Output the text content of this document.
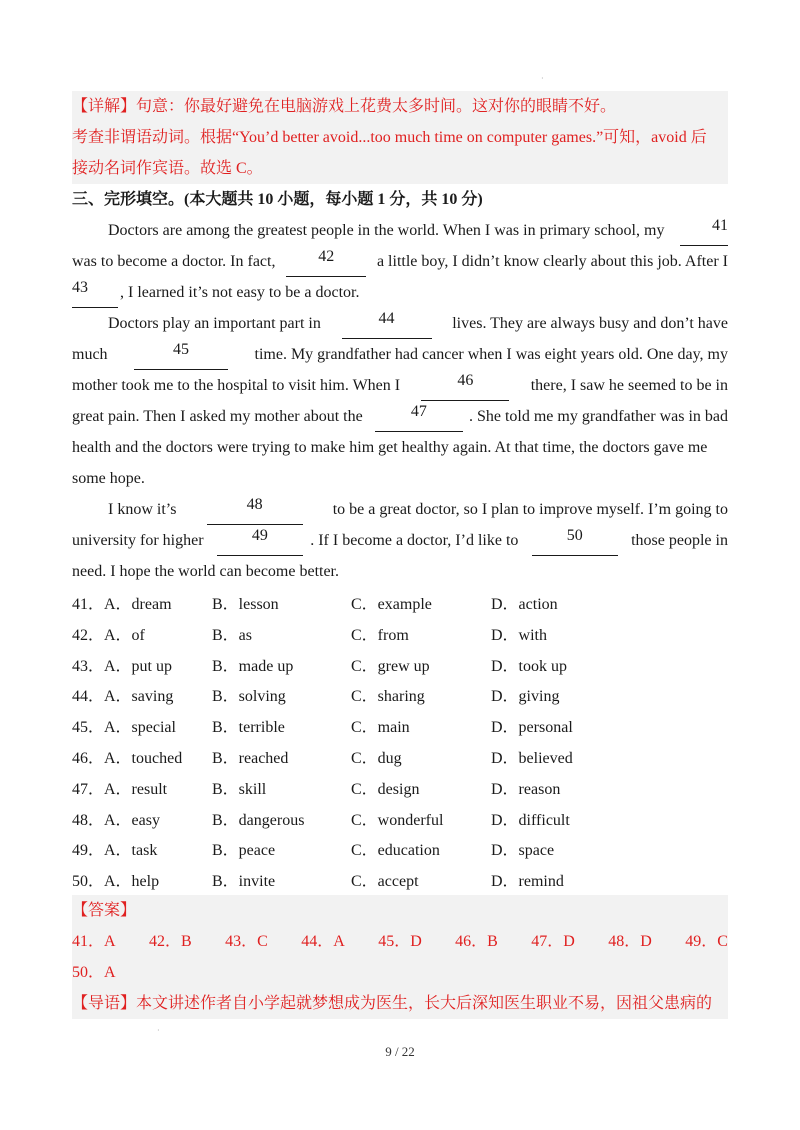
·
【详解】句意：你最好避免在电脑游戏上花费太多时间。这对你的眼睛不好。
考查非谓语动词。根据“You’d better avoid...too much time on computer games.”可知，avoid 后
接动名词作宾语。故选 C。
三、完形填空。(本大题共 10 小题，每小题 1 分，共 10 分)
Doctors are among the greatest people in the world. When I was in primary school, my	41
was to become a doctor. In fact,	42	a little boy, I didn’t know clearly about this job. After I
43	, I learned it’s not easy to be a doctor.
Doctors play an important part in	44	lives. They are always busy and don’t have
much	45	time. My grandfather had cancer when I was eight years old. One day, my
mother took me to the hospital to visit him. When I	46	there, I saw he seemed to be in
great pain. Then I asked my mother about the	47	. She told me my grandfather was in bad
health and the doctors were trying to make him get healthy again. At that time, the doctors gave me
some hope.
I know it’s	48	to be a great doctor, so I plan to improve myself. I’m going to
university for higher	49	. If I become a doctor, I’d like to	50	those people in
need. I hope the world can become better.
41．A．dream	B．lesson	C．example	D．action
42．A．of	B．as	C．from	D．with
43．A．put up B．made up	C．grew up	D．took up
44．A．saving B．solving	C．sharing	D．giving
45．A．special B．terrible	C．main	D．personal
46．A．touched B．reached	C．dug	D．believed
47．A．result	B．skill	C．design	D．reason
48．A．easy	B．dangerous	C．wonderful	D．difficult
49．A．task	B．peace	C．education	D．space
50．A．help	B．invite	C．accept	D．remind
【答案】
41．A 42．B 43．C 44．A 45．D 46．B 47．D 48．D 49．C
50．A
【导语】本文讲述作者自小学起就梦想成为医生，长大后深知医生职业不易，因祖父患病的
·
9 / 22
